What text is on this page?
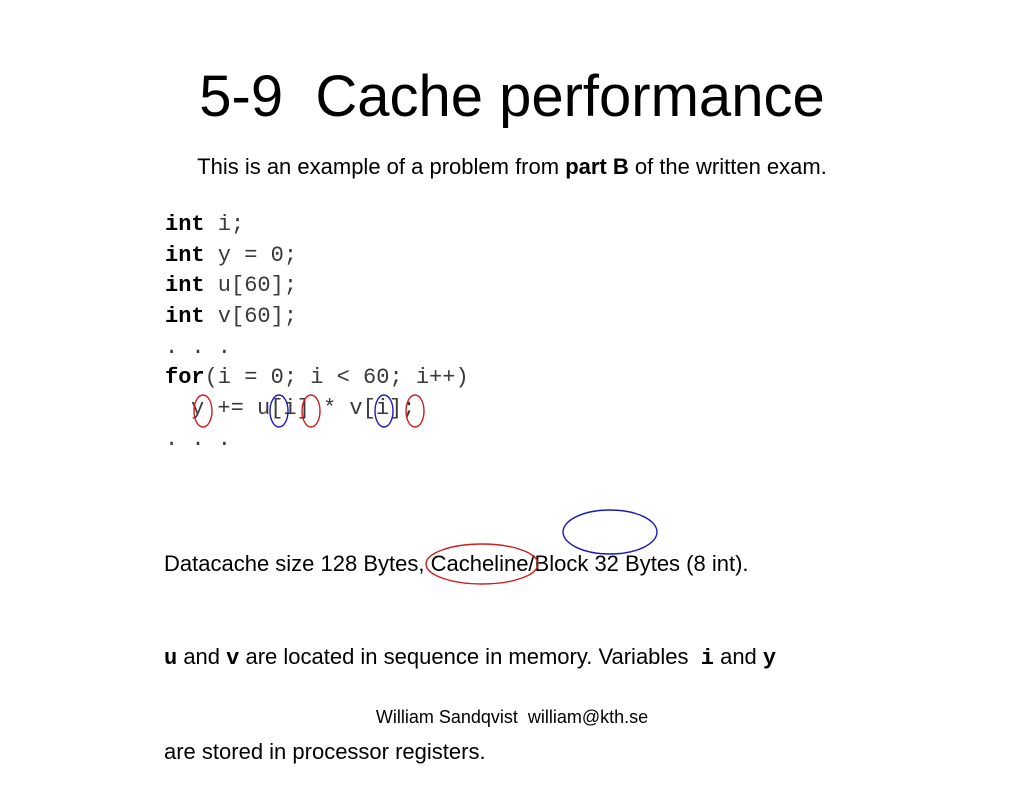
5-9  Cache performance
This is an example of a problem from part B of the written exam.
int i;
int y = 0;
int u[60];
int v[60];
. . .
for(i = 0; i < 60; i++)
y += u[i] * v[i];
. . .

Datacache size 128 Bytes, Cacheline/Block 32 Bytes (8 int).

u and v are located in sequence in memory. Variables  i and y

are stored in processor registers.

William Sandqvist  william@kth.se
